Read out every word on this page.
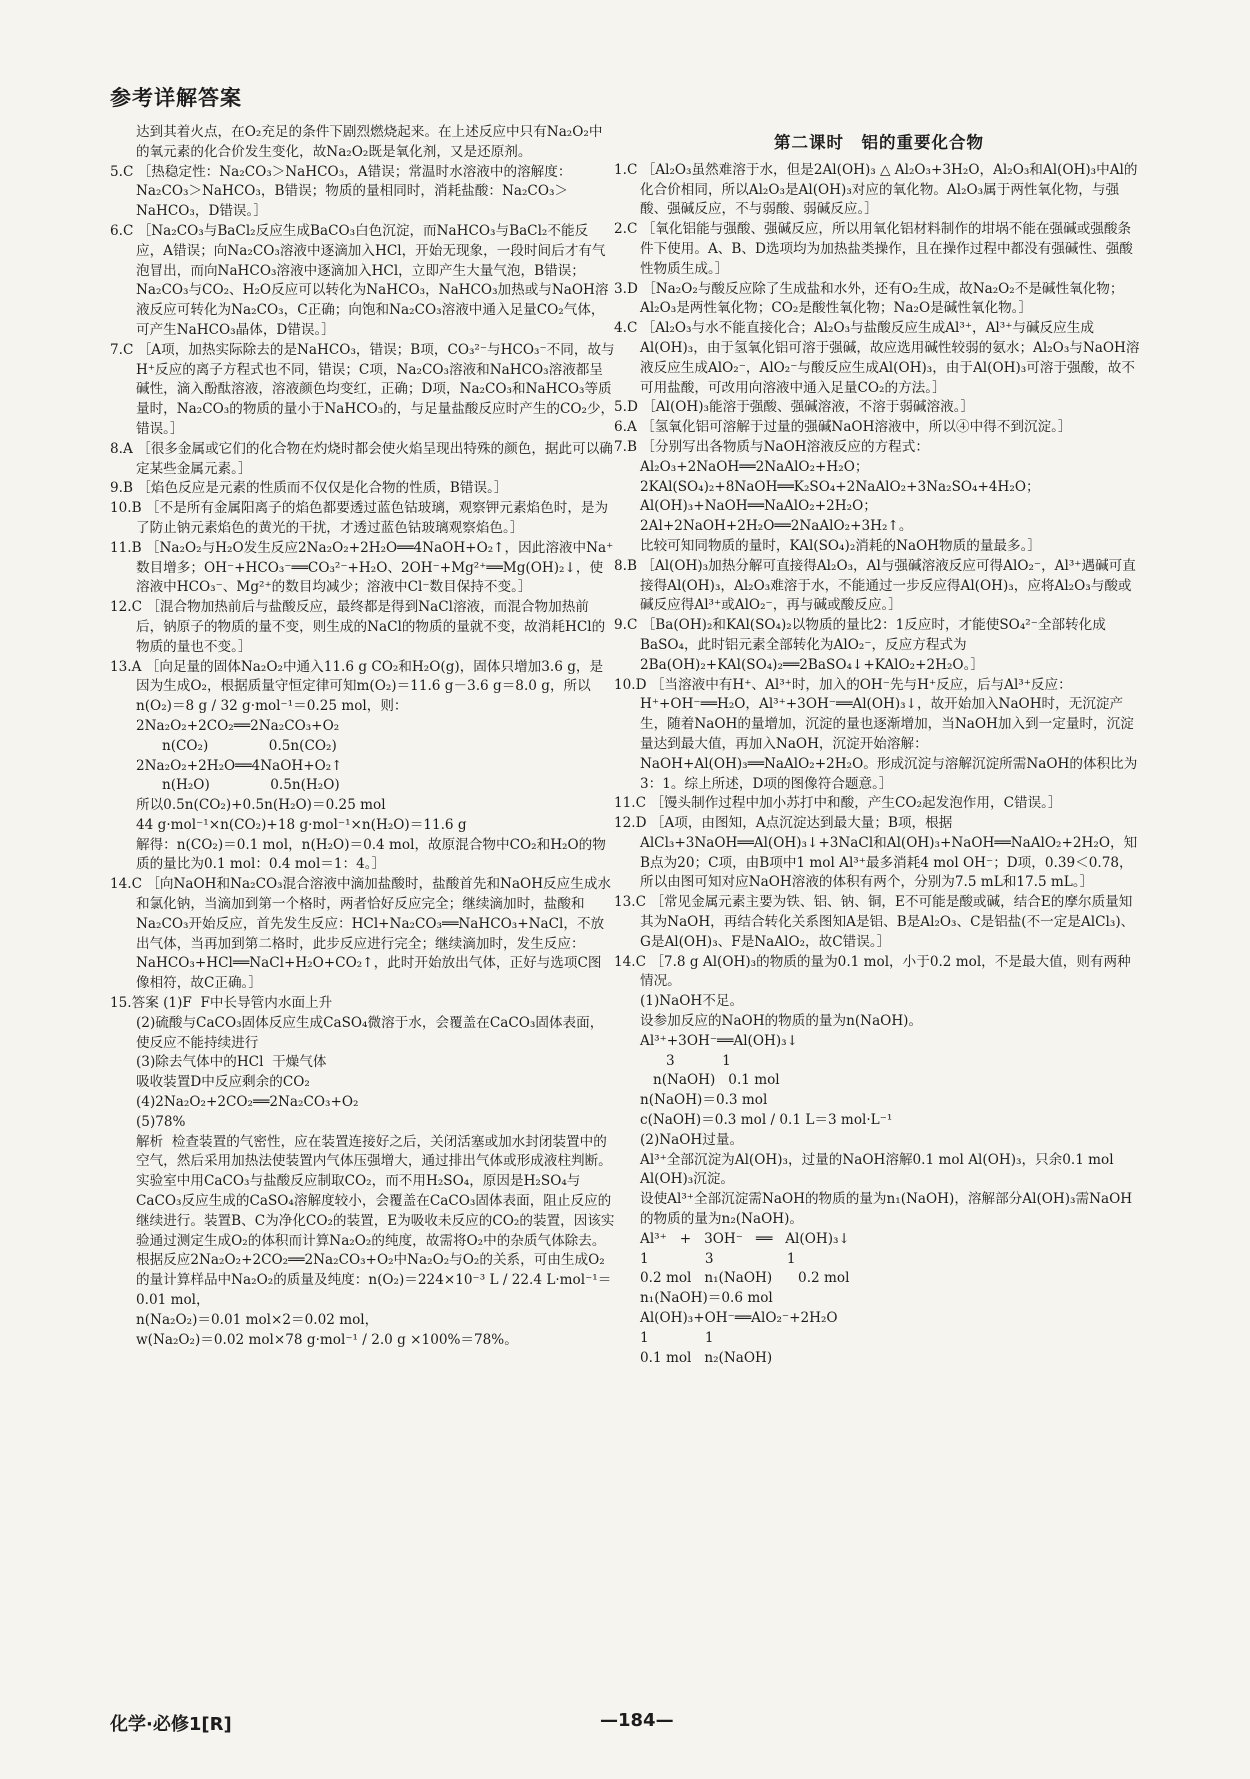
参考详解答案

达到其着火点，在O₂充足的条件下剧烈燃烧起来。在上述反应中只有Na₂O₂中的氧元素的化合价发生变化，故Na₂O₂既是氧化剂，又是还原剂。

5.C ［热稳定性：Na₂CO₃＞NaHCO₃，A错误；常温时水溶液中的溶解度：Na₂CO₃＞NaHCO₃，B错误；物质的量相同时，消耗盐酸：Na₂CO₃＞NaHCO₃，D错误。］

6.C ［Na₂CO₃与BaCl₂反应生成BaCO₃白色沉淀，而NaHCO₃与BaCl₂不能反应，A错误；向Na₂CO₃溶液中逐滴加入HCl，开始无现象，一段时间后才有气泡冒出，而向NaHCO₃溶液中逐滴加入HCl，立即产生大量气泡，B错误；Na₂CO₃与CO₂、H₂O反应可以转化为NaHCO₃，NaHCO₃加热或与NaOH溶液反应可转化为Na₂CO₃，C正确；向饱和Na₂CO₃溶液中通入足量CO₂气体，可产生NaHCO₃晶体，D错误。］

7.C ［A项，加热实际除去的是NaHCO₃，错误；B项，CO₃²⁻与HCO₃⁻不同，故与H⁺反应的离子方程式也不同，错误；C项，Na₂CO₃溶液和NaHCO₃溶液都呈碱性，滴入酚酞溶液，溶液颜色均变红，正确；D项，Na₂CO₃和NaHCO₃等质量时，Na₂CO₃的物质的量小于NaHCO₃的，与足量盐酸反应时产生的CO₂少，错误。］

8.A ［很多金属或它们的化合物在灼烧时都会使火焰呈现出特殊的颜色，据此可以确定某些金属元素。］

9.B ［焰色反应是元素的性质而不仅仅是化合物的性质，B错误。］

10.B ［不是所有金属阳离子的焰色都要透过蓝色钴玻璃，观察钾元素焰色时，是为了防止钠元素焰色的黄光的干扰，才透过蓝色钴玻璃观察焰色。］

11.B ［Na₂O₂与H₂O发生反应2Na₂O₂+2H₂O══4NaOH+O₂↑，因此溶液中Na⁺数目增多；OH⁻+HCO₃⁻══CO₃²⁻+H₂O、2OH⁻+Mg²⁺══Mg(OH)₂↓，使溶液中HCO₃⁻、Mg²⁺的数目均减少；溶液中Cl⁻数目保持不变。］

12.C ［混合物加热前后与盐酸反应，最终都是得到NaCl溶液，而混合物加热前后，钠原子的物质的量不变，则生成的NaCl的物质的量就不变，故消耗HCl的物质的量也不变。］

13.A ［向足量的固体Na₂O₂中通入11.6 g CO₂和H₂O(g)，固体只增加3.6 g，是因为生成O₂，根据质量守恒定律可知m(O₂)＝11.6 g－3.6 g＝8.0 g，所以n(O₂)＝8 g / 32 g·mol⁻¹＝0.25 mol，则：

2Na₂O₂+2CO₂══2Na₂CO₃+O₂

n(CO₂)              0.5n(CO₂)

2Na₂O₂+2H₂O══4NaOH+O₂↑

n(H₂O)              0.5n(H₂O)

所以0.5n(CO₂)+0.5n(H₂O)＝0.25 mol

44 g·mol⁻¹×n(CO₂)+18 g·mol⁻¹×n(H₂O)＝11.6 g

解得：n(CO₂)＝0.1 mol，n(H₂O)＝0.4 mol，故原混合物中CO₂和H₂O的物质的量比为0.1 mol：0.4 mol＝1：4。］

14.C ［向NaOH和Na₂CO₃混合溶液中滴加盐酸时，盐酸首先和NaOH反应生成水和氯化钠，当滴加到第一个格时，两者恰好反应完全；继续滴加时，盐酸和Na₂CO₃开始反应，首先发生反应：HCl+Na₂CO₃══NaHCO₃+NaCl，不放出气体，当再加到第二格时，此步反应进行完全；继续滴加时，发生反应：NaHCO₃+HCl══NaCl+H₂O+CO₂↑，此时开始放出气体，正好与选项C图像相符，故C正确。］

15.答案 (1)F  F中长导管内水面上升

(2)硫酸与CaCO₃固体反应生成CaSO₄微溶于水，会覆盖在CaCO₃固体表面，使反应不能持续进行

(3)除去气体中的HCl  干燥气体

吸收装置D中反应剩余的CO₂

(4)2Na₂O₂+2CO₂══2Na₂CO₃+O₂

(5)78%

解析  检查装置的气密性，应在装置连接好之后，关闭活塞或加水封闭装置中的空气，然后采用加热法使装置内气体压强增大，通过排出气体或形成液柱判断。实验室中用CaCO₃与盐酸反应制取CO₂，而不用H₂SO₄，原因是H₂SO₄与CaCO₃反应生成的CaSO₄溶解度较小，会覆盖在CaCO₃固体表面，阻止反应的继续进行。装置B、C为净化CO₂的装置，E为吸收未反应的CO₂的装置，因该实验通过测定生成O₂的体积而计算Na₂O₂的纯度，故需将O₂中的杂质气体除去。根据反应2Na₂O₂+2CO₂══2Na₂CO₃+O₂中Na₂O₂与O₂的关系，可由生成O₂的量计算样品中Na₂O₂的质量及纯度：n(O₂)＝224×10⁻³ L / 22.4 L·mol⁻¹＝0.01 mol，

n(Na₂O₂)＝0.01 mol×2＝0.02 mol，

w(Na₂O₂)＝0.02 mol×78 g·mol⁻¹ / 2.0 g ×100%＝78%。

第二课时　铝的重要化合物

1.C ［Al₂O₃虽然难溶于水，但是2Al(OH)₃ △ Al₂O₃+3H₂O，Al₂O₃和Al(OH)₃中Al的化合价相同，所以Al₂O₃是Al(OH)₃对应的氧化物。Al₂O₃属于两性氧化物，与强酸、强碱反应，不与弱酸、弱碱反应。］

2.C ［氧化铝能与强酸、强碱反应，所以用氧化铝材料制作的坩埚不能在强碱或强酸条件下使用。A、B、D选项均为加热盐类操作，且在操作过程中都没有强碱性、强酸性物质生成。］

3.D ［Na₂O₂与酸反应除了生成盐和水外，还有O₂生成，故Na₂O₂不是碱性氧化物；Al₂O₃是两性氧化物；CO₂是酸性氧化物；Na₂O是碱性氧化物。］

4.C ［Al₂O₃与水不能直接化合；Al₂O₃与盐酸反应生成Al³⁺，Al³⁺与碱反应生成Al(OH)₃，由于氢氧化铝可溶于强碱，故应选用碱性较弱的氨水；Al₂O₃与NaOH溶液反应生成AlO₂⁻，AlO₂⁻与酸反应生成Al(OH)₃，由于Al(OH)₃可溶于强酸，故不可用盐酸，可改用向溶液中通入足量CO₂的方法。］

5.D ［Al(OH)₃能溶于强酸、强碱溶液，不溶于弱碱溶液。］

6.A ［氢氧化铝可溶解于过量的强碱NaOH溶液中，所以④中得不到沉淀。］

7.B ［分别写出各物质与NaOH溶液反应的方程式：

Al₂O₃+2NaOH══2NaAlO₂+H₂O；

2KAl(SO₄)₂+8NaOH══K₂SO₄+2NaAlO₂+3Na₂SO₄+4H₂O；

Al(OH)₃+NaOH══NaAlO₂+2H₂O；

2Al+2NaOH+2H₂O══2NaAlO₂+3H₂↑。

比较可知同物质的量时，KAl(SO₄)₂消耗的NaOH物质的量最多。］

8.B ［Al(OH)₃加热分解可直接得Al₂O₃，Al与强碱溶液反应可得AlO₂⁻，Al³⁺遇碱可直接得Al(OH)₃，Al₂O₃难溶于水，不能通过一步反应得Al(OH)₃，应将Al₂O₃与酸或碱反应得Al³⁺或AlO₂⁻，再与碱或酸反应。］

9.C ［Ba(OH)₂和KAl(SO₄)₂以物质的量比2：1反应时，才能使SO₄²⁻全部转化成BaSO₄，此时铝元素全部转化为AlO₂⁻，反应方程式为2Ba(OH)₂+KAl(SO₄)₂══2BaSO₄↓+KAlO₂+2H₂O。］

10.D ［当溶液中有H⁺、Al³⁺时，加入的OH⁻先与H⁺反应，后与Al³⁺反应：H⁺+OH⁻══H₂O，Al³⁺+3OH⁻══Al(OH)₃↓，故开始加入NaOH时，无沉淀产生，随着NaOH的量增加，沉淀的量也逐渐增加，当NaOH加入到一定量时，沉淀量达到最大值，再加入NaOH，沉淀开始溶解：NaOH+Al(OH)₃══NaAlO₂+2H₂O。形成沉淀与溶解沉淀所需NaOH的体积比为3：1。综上所述，D项的图像符合题意。］

11.C ［馒头制作过程中加小苏打中和酸，产生CO₂起发泡作用，C错误。］

12.D ［A项，由图知，A点沉淀达到最大量；B项，根据AlCl₃+3NaOH══Al(OH)₃↓+3NaCl和Al(OH)₃+NaOH══NaAlO₂+2H₂O，知B点为20；C项，由B项中1 mol Al³⁺最多消耗4 mol OH⁻；D项，0.39＜0.78，所以由图可知对应NaOH溶液的体积有两个，分别为7.5 mL和17.5 mL。］

13.C ［常见金属元素主要为铁、铝、钠、铜，E不可能是酸或碱，结合E的摩尔质量知其为NaOH，再结合转化关系图知A是铝、B是Al₂O₃、C是铝盐(不一定是AlCl₃)、G是Al(OH)₃、F是NaAlO₂，故C错误。］

14.C ［7.8 g Al(OH)₃的物质的量为0.1 mol，小于0.2 mol，不是最大值，则有两种情况。

(1)NaOH不足。

设参加反应的NaOH的物质的量为n(NaOH)。

Al³⁺+3OH⁻══Al(OH)₃↓

3           1

n(NaOH)   0.1 mol

n(NaOH)＝0.3 mol

c(NaOH)＝0.3 mol / 0.1 L＝3 mol·L⁻¹

(2)NaOH过量。

Al³⁺全部沉淀为Al(OH)₃，过量的NaOH溶解0.1 mol Al(OH)₃，只余0.1 mol Al(OH)₃沉淀。

设使Al³⁺全部沉淀需NaOH的物质的量为n₁(NaOH)，溶解部分Al(OH)₃需NaOH的物质的量为n₂(NaOH)。

Al³⁺   +   3OH⁻   ══   Al(OH)₃↓

1             3                 1

0.2 mol   n₁(NaOH)      0.2 mol

n₁(NaOH)＝0.6 mol

Al(OH)₃+OH⁻══AlO₂⁻+2H₂O

1             1

0.1 mol   n₂(NaOH)

化学·必修1[R]	—184—
